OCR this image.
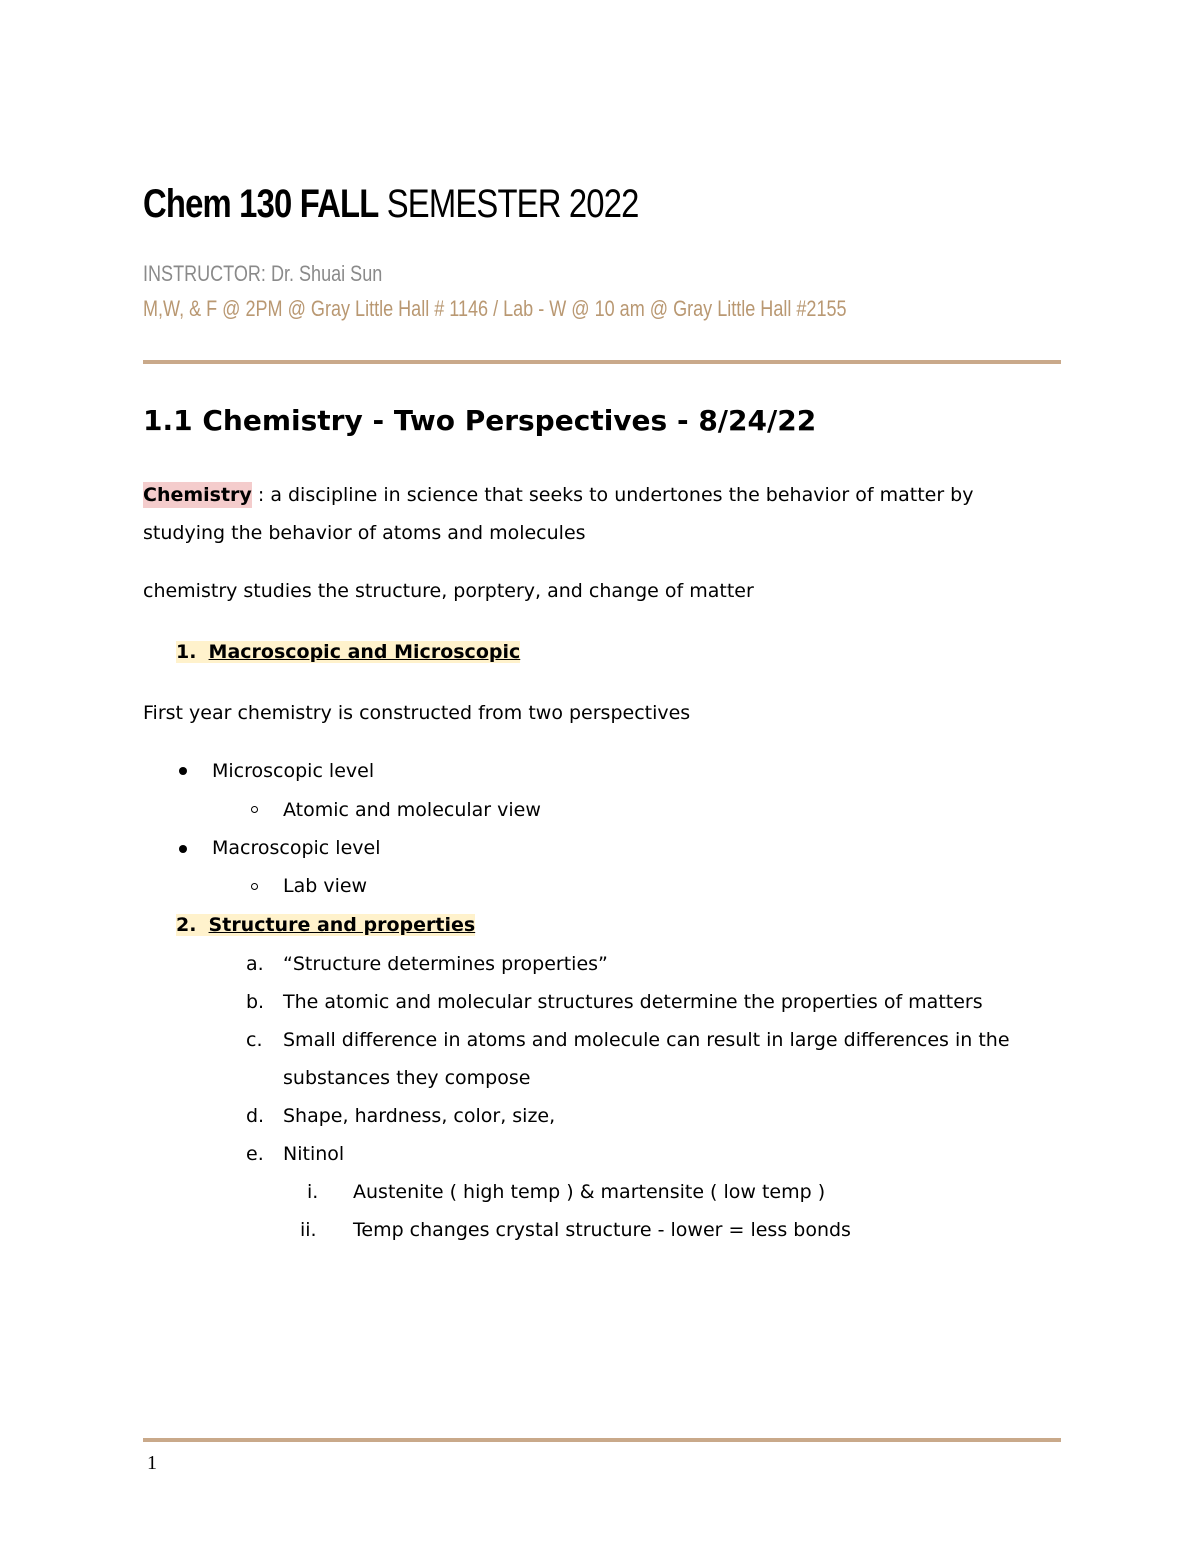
Chem 130 FALL SEMESTER 2022
INSTRUCTOR: Dr. Shuai Sun
M,W, & F @ 2PM @ Gray Little Hall # 1146 / Lab - W @ 10 am @ Gray Little Hall #2155
1.1 Chemistry - Two Perspectives - 8/24/22
Chemistry : a discipline in science that seeks to undertones the behavior of matter by
studying the behavior of atoms and molecules
chemistry studies the structure, porptery, and change of matter
1. Macroscopic and Microscopic
First year chemistry is constructed from two perspectives
Microscopic level
Atomic and molecular view
Macroscopic level
Lab view
2. Structure and properties
a. “Structure determines properties”
b. The atomic and molecular structures determine the properties of matters
c. Small difference in atoms and molecule can result in large differences in the
substances they compose
d. Shape, hardness, color, size,
e. Nitinol
i. Austenite ( high temp ) & martensite ( low temp )
ii. Temp changes crystal structure - lower = less bonds
1
